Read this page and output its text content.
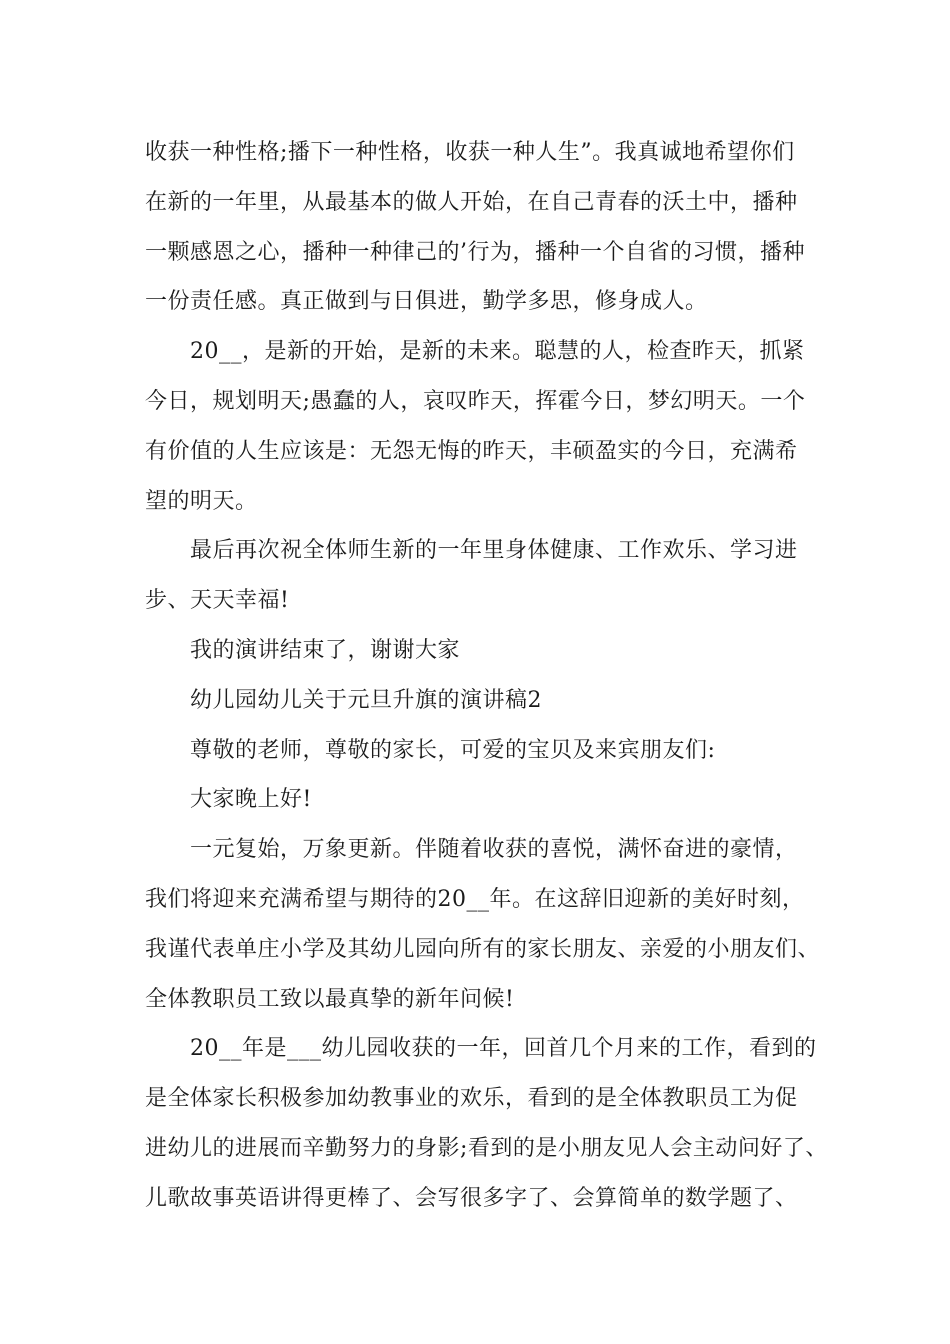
收获一种性格;播下一种性格，收获一种人生”。我真诚地希望你们
在新的一年里，从最基本的做人开始，在自己青春的沃土中，播种
一颗感恩之心，播种一种律己的’行为，播种一个自省的习惯，播种
一份责任感。真正做到与日俱进，勤学多思，修身成人。
20__，是新的开始，是新的未来。聪慧的人，检查昨天，抓紧
今日，规划明天;愚蠢的人，哀叹昨天，挥霍今日，梦幻明天。一个
有价值的人生应该是：无怨无悔的昨天，丰硕盈实的今日，充满希
望的明天。
最后再次祝全体师生新的一年里身体健康、工作欢乐、学习进
步、天天幸福!
我的演讲结束了，谢谢大家
幼儿园幼儿关于元旦升旗的演讲稿2
尊敬的老师，尊敬的家长，可爱的宝贝及来宾朋友们:
大家晚上好!
一元复始，万象更新。伴随着收获的喜悦，满怀奋进的豪情，
我们将迎来充满希望与期待的20__年。在这辞旧迎新的美好时刻，
我谨代表单庄小学及其幼儿园向所有的家长朋友、亲爱的小朋友们、
全体教职员工致以最真挚的新年问候!
20__年是___幼儿园收获的一年，回首几个月来的工作，看到的
是全体家长积极参加幼教事业的欢乐，看到的是全体教职员工为促
进幼儿的进展而辛勤努力的身影;看到的是小朋友见人会主动问好了、
儿歌故事英语讲得更棒了、会写很多字了、会算简单的数学题了、
